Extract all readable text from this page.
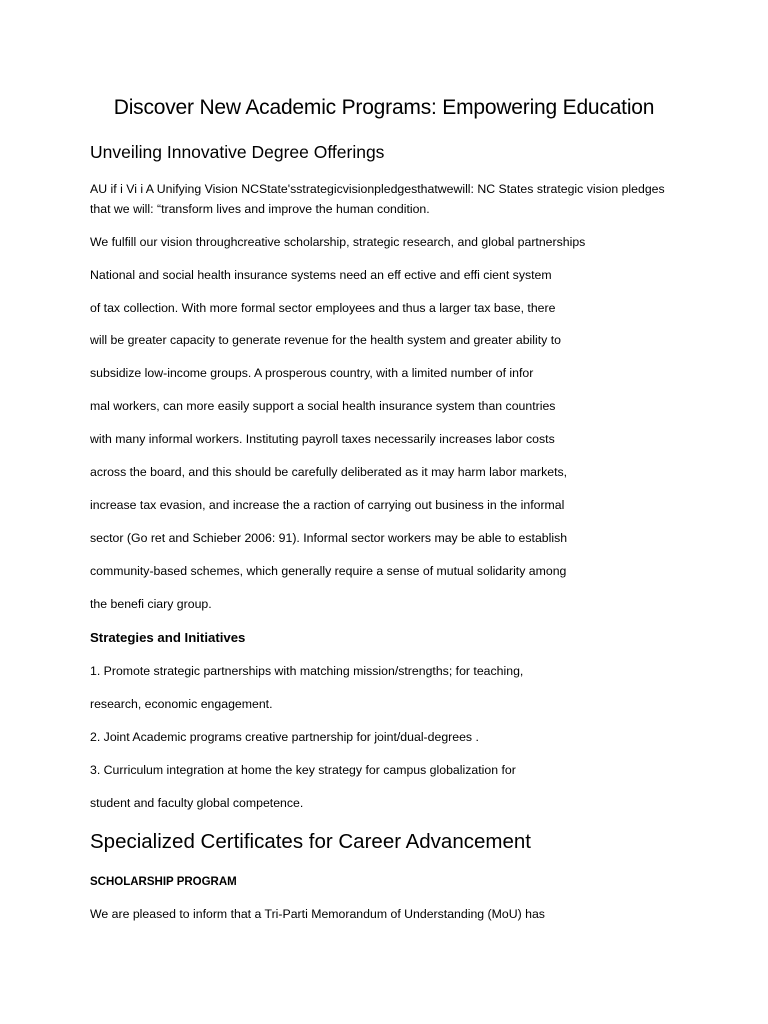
Discover New Academic Programs: Empowering Education
Unveiling Innovative Degree Offerings

AU if i Vi i A Unifying Vision NCState'sstrategicvisionpledgesthatwewill: NC States strategic vision pledges

that we will: “transform lives and improve the human condition.

We fulfill our vision throughcreative scholarship, strategic research, and global partnerships

National and social health insurance systems need an eff ective and effi cient system

of tax collection. With more formal sector employees and thus a larger tax base, there

will be greater capacity to generate revenue for the health system and greater ability to

subsidize low-income groups. A prosperous country, with a limited number of infor

mal workers, can more easily support a social health insurance system than countries

with many informal workers. Instituting payroll taxes necessarily increases labor costs

across the board, and this should be carefully deliberated as it may harm labor markets,

increase tax evasion, and increase the a raction of carrying out business in the informal

sector (Go ret and Schieber 2006: 91). Informal sector workers may be able to establish

community-based schemes, which generally require a sense of mutual solidarity among

the benefi ciary group.

Strategies and Initiatives

1. Promote strategic partnerships with matching mission/strengths; for teaching,

research, economic engagement.

2. Joint Academic programs creative partnership for joint/dual-degrees .

3. Curriculum integration at home the key strategy for campus globalization for

student and faculty global competence.

Specialized Certificates for Career Advancement
SCHOLARSHIP PROGRAM

We are pleased to inform that a Tri-Parti Memorandum of Understanding (MoU) has
